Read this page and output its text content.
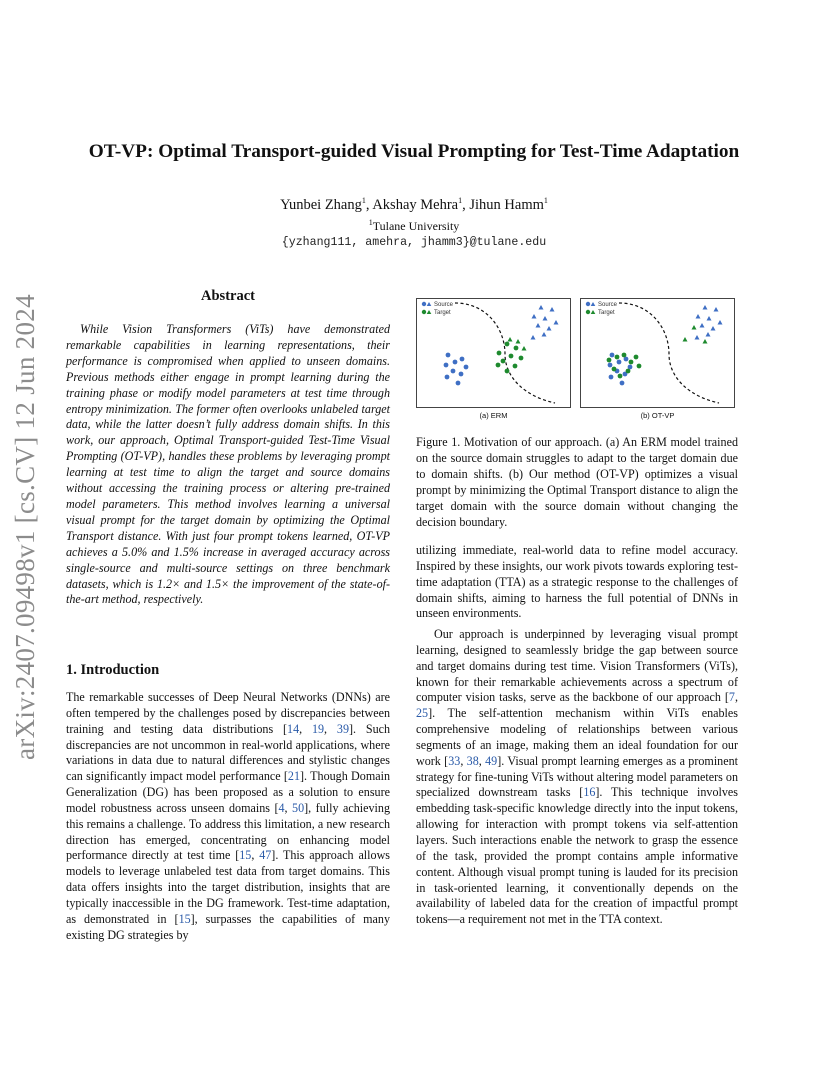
arXiv:2407.09498v1 [cs.CV] 12 Jun 2024
OT-VP: Optimal Transport-guided Visual Prompting for Test-Time Adaptation
Yunbei Zhang$^1$, Akshay Mehra$^1$, Jihun Hamm$^1$
$^1$Tulane University
{yzhang111, amehra, jhamm3}@tulane.edu
Abstract

While Vision Transformers (ViTs) have demonstrated remarkable capabilities in learning representations, their performance is compromised when applied to unseen domains. Previous methods either engage in prompt learning during the training phase or modify model parameters at test time through entropy minimization. The former often overlooks unlabeled target data, while the latter doesn’t fully address domain shifts. In this work, our approach, Optimal Transport-guided Test-Time Visual Prompting (OT-VP), handles these problems by leveraging prompt learning at test time to align the target and source domains without accessing the training process or altering pre-trained model parameters. This method involves learning a universal visual prompt for the target domain by optimizing the Optimal Transport distance. With just four prompt tokens learned, OT-VP achieves a 5.0% and 1.5% increase in averaged accuracy across single-source and multi-source settings on three benchmark datasets, which is 1.2× and 1.5× the improvement of the state-of-the-art method, respectively.

1. Introduction

The remarkable successes of Deep Neural Networks (DNNs) are often tempered by the challenges posed by discrepancies between training and testing data distributions [14, 19, 39]. Such discrepancies are not uncommon in real-world applications, where variations in data due to natural differences and stylistic changes can significantly impact model performance [21]. Though Domain Generalization (DG) has been proposed as a solution to ensure model robustness across unseen domains [4, 50], fully achieving this remains a challenge. To address this limitation, a new research direction has emerged, concentrating on enhancing model performance directly at test time [15, 47]. This approach allows models to leverage unlabeled test data from target domains. This data offers insights into the target distribution, insights that are typically inaccessible in the DG framework. Test-time adaptation, as demonstrated in [15], surpasses the capabilities of many existing DG strategies by

Source
Target
(a) ERM
Source
Target
(b) OT-VP

Figure 1. Motivation of our approach. (a) An ERM model trained on the source domain struggles to adapt to the target domain due to domain shifts. (b) Our method (OT-VP) optimizes a visual prompt by minimizing the Optimal Transport distance to align the target domain with the source domain without changing the decision boundary.

utilizing immediate, real-world data to refine model accuracy. Inspired by these insights, our work pivots towards exploring test-time adaptation (TTA) as a strategic response to the challenges of domain shifts, aiming to harness the full potential of DNNs in unseen environments.

Our approach is underpinned by leveraging visual prompt learning, designed to seamlessly bridge the gap between source and target domains during test time. Vision Transformers (ViTs), known for their remarkable achievements across a spectrum of computer vision tasks, serve as the backbone of our approach [7, 25]. The self-attention mechanism within ViTs enables comprehensive modeling of relationships between various segments of an image, making them an ideal foundation for our work [33, 38, 49]. Visual prompt learning emerges as a prominent strategy for fine-tuning ViTs without altering model parameters on specialized downstream tasks [16]. This technique involves embedding task-specific knowledge directly into the input tokens, allowing for interaction with prompt tokens via self-attention layers. Such interactions enable the network to grasp the essence of the task, provided the prompt contains ample informative content. Although visual prompt tuning is lauded for its precision in task-oriented learning, it conventionally depends on the availability of labeled data for the creation of impactful prompt tokens—a requirement not met in the TTA context.
